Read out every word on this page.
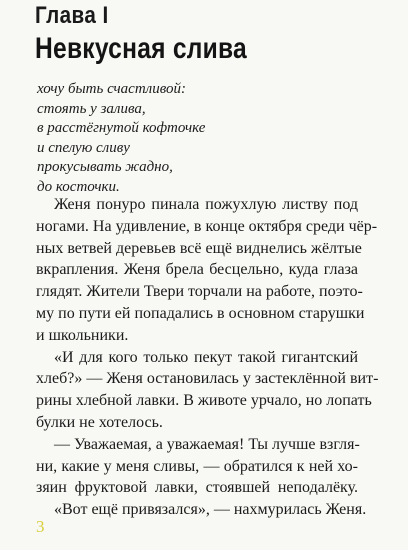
Глава I
Невкусная слива
хочу быть счастливой:
стоять у залива,
в расстёгнутой кофточке
и спелую сливу
прокусывать жадно,
до косточки.
Женя понуро пинала пожухлую листву под
ногами. На удивление, в конце октября среди чёр-
ных ветвей деревьев всё ещё виднелись жёлтые
вкрапления. Женя брела бесцельно, куда глаза
глядят. Жители Твери торчали на работе, поэто-
му по пути ей попадались в основном старушки
и школьники.
«И для кого только пекут такой гигантский
хлеб?» — Женя остановилась у застеклённой вит-
рины хлебной лавки. В животе урчало, но лопать
булки не хотелось.
— Уважаемая, а уважаемая! Ты лучше взгля-
ни, какие у меня сливы, — обратился к ней хо-
зяин фруктовой лавки, стоявшей неподалёку.
«Вот ещё привязался», — нахмурилась Женя.
3
